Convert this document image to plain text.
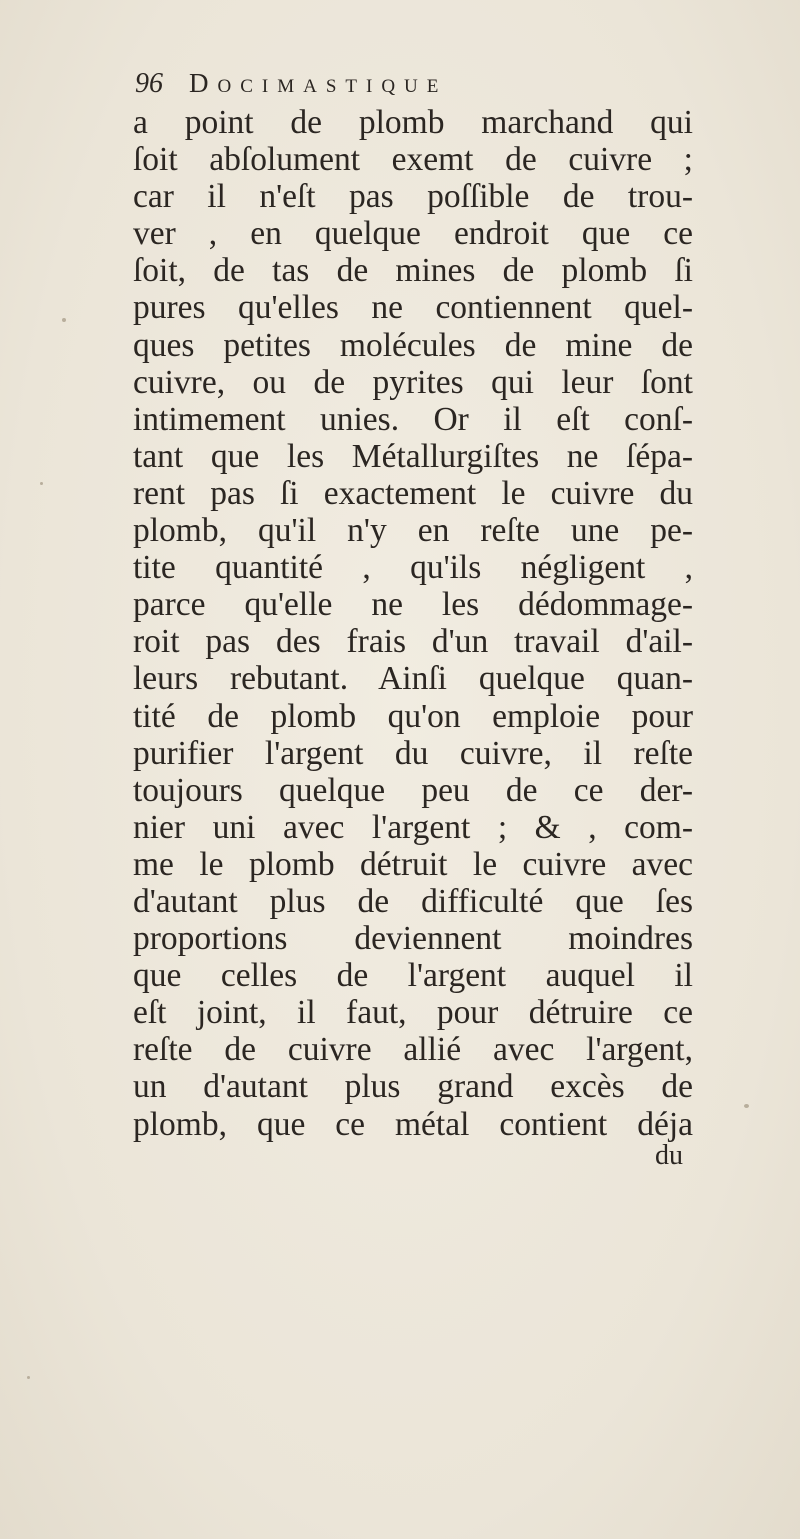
96 Docimastique
a point de plomb marchand qui
ſoit abſolument exemt de cuivre ;
car il n'eſt pas poſſible de trou-
ver , en quelque endroit que ce
ſoit, de tas de mines de plomb ſi
pures qu'elles ne contiennent quel-
ques petites molécules de mine de
cuivre, ou de pyrites qui leur ſont
intimement unies. Or il eſt conſ-
tant que les Métallurgiſtes ne ſépa-
rent pas ſi exactement le cuivre du
plomb, qu'il n'y en reſte une pe-
tite quantité , qu'ils négligent ,
parce qu'elle ne les dédommage-
roit pas des frais d'un travail d'ail-
leurs rebutant. Ainſi quelque quan-
tité de plomb qu'on emploie pour
purifier l'argent du cuivre, il reſte
toujours quelque peu de ce der-
nier uni avec l'argent ; & , com-
me le plomb détruit le cuivre avec
d'autant plus de difficulté que ſes
proportions deviennent moindres
que celles de l'argent auquel il
eſt joint, il faut, pour détruire ce
reſte de cuivre allié avec l'argent,
un d'autant plus grand excès de
plomb, que ce métal contient déja
du
